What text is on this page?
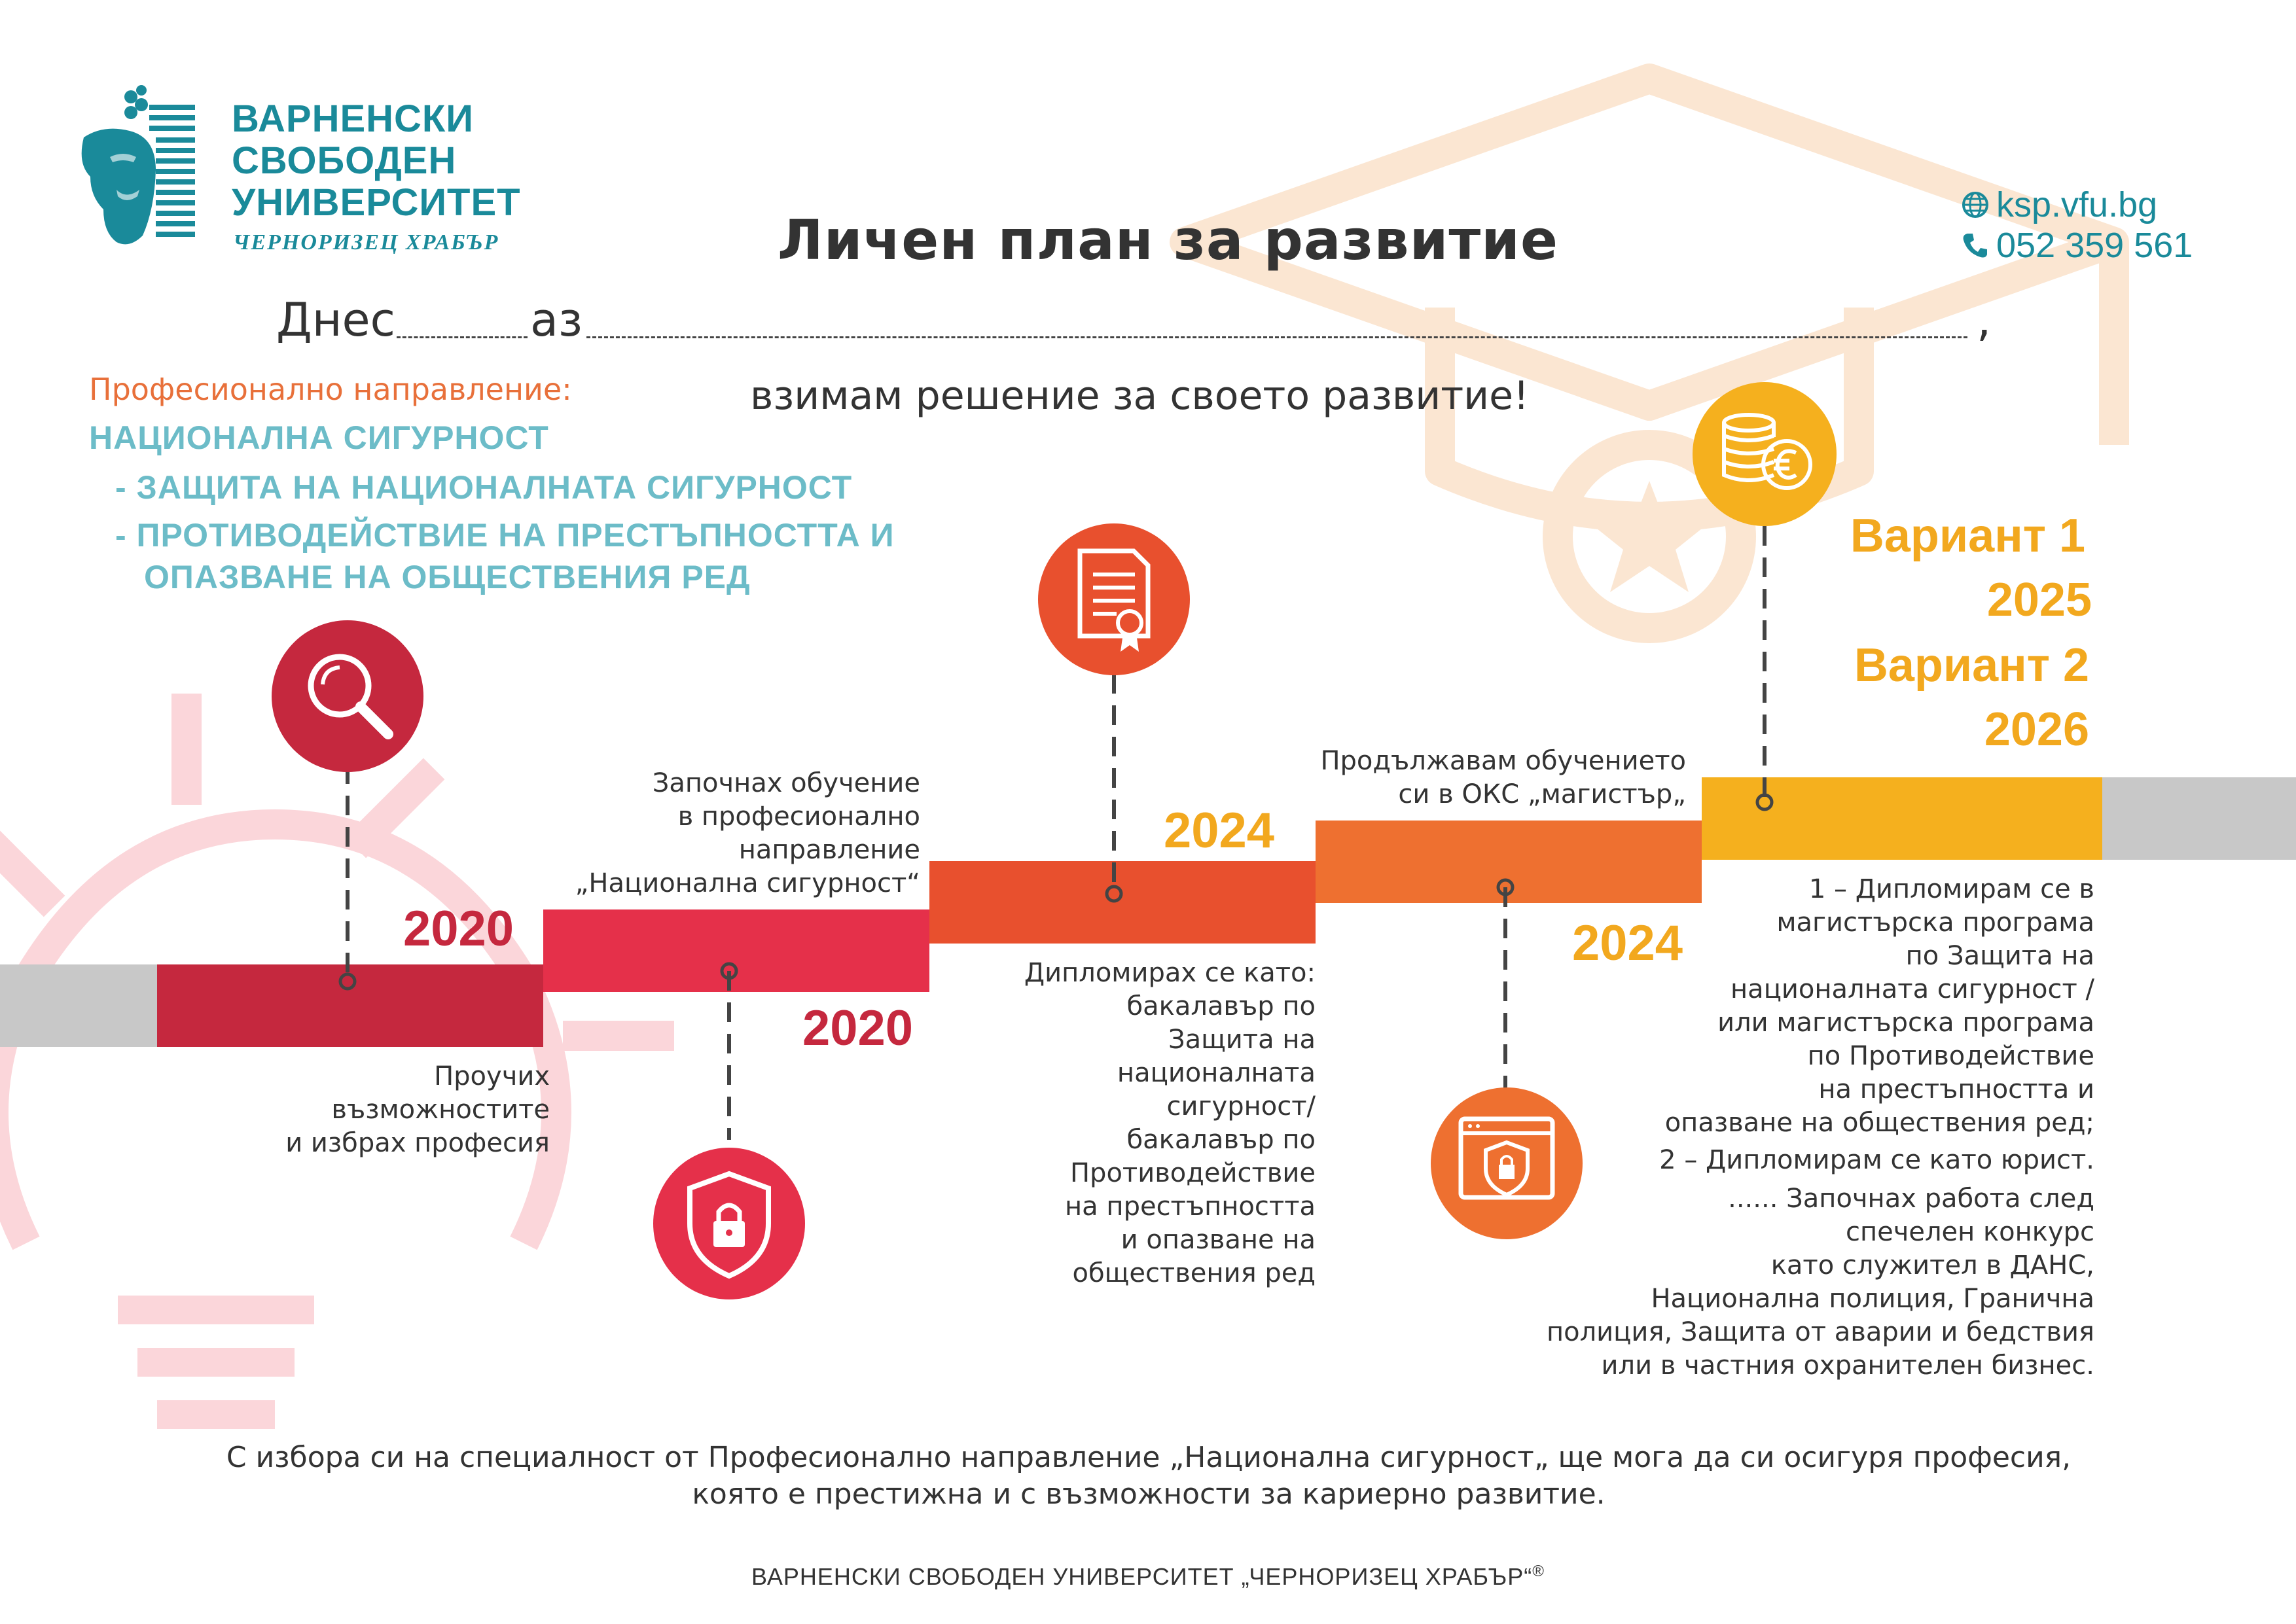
ВАРНЕНСКИ
СВОБОДЕН
УНИВЕРСИТЕТ
ЧЕРНОРИЗЕЦ ХРАБЪР	Личен план за развитие
ksp.vfu.bg
052 359 561
Днес	аз	,
взимам решение за своето развитие!
Професионално направление:
НАЦИОНАЛНА СИГУРНОСТ
- ЗАЩИТА НА НАЦИОНАЛНАТА СИГУРНОСТ
- ПРОТИВОДЕЙСТВИЕ НА ПРЕСТЪПНОСТТА И
ОПАЗВАНЕ НА ОБЩЕСТВЕНИЯ РЕД
2020
2020
2024
2024
Проучих
възможностите
и избрах професия
Започнах обучение
в професионално
направление
„Национална сигурност“
Дипломирах се като:
бакалавър по
Защита на
националната
сигурност/
бакалавър по
Противодействие
на престъпността
и опазване на
обществения ред
Продължавам обучението
си в ОКС „магистър„
Вариант 1
2025
Вариант 2
2026
1 – Дипломирам се в
магистърска програма
по Защита на
националната сигурност /
или магистърска програма
по Противодействие
на престъпността и
опазване на обществения ред;
2 – Дипломирам се като юрист.
...... Започнах работа след
спечелен конкурс
като служител в ДАНС,
Национална полиция, Гранична
полиция, Защита от аварии и бедствия
или в частния охранителен бизнес.
С избора си на специалност от Професионално направление „Национална сигурност„ ще мога да си осигуря професия,
която е престижна и с възможности за кариерно развитие.
ВАРНЕНСКИ СВОБОДЕН УНИВЕРСИТЕТ „ЧЕРНОРИЗЕЦ ХРАБЪР“®
